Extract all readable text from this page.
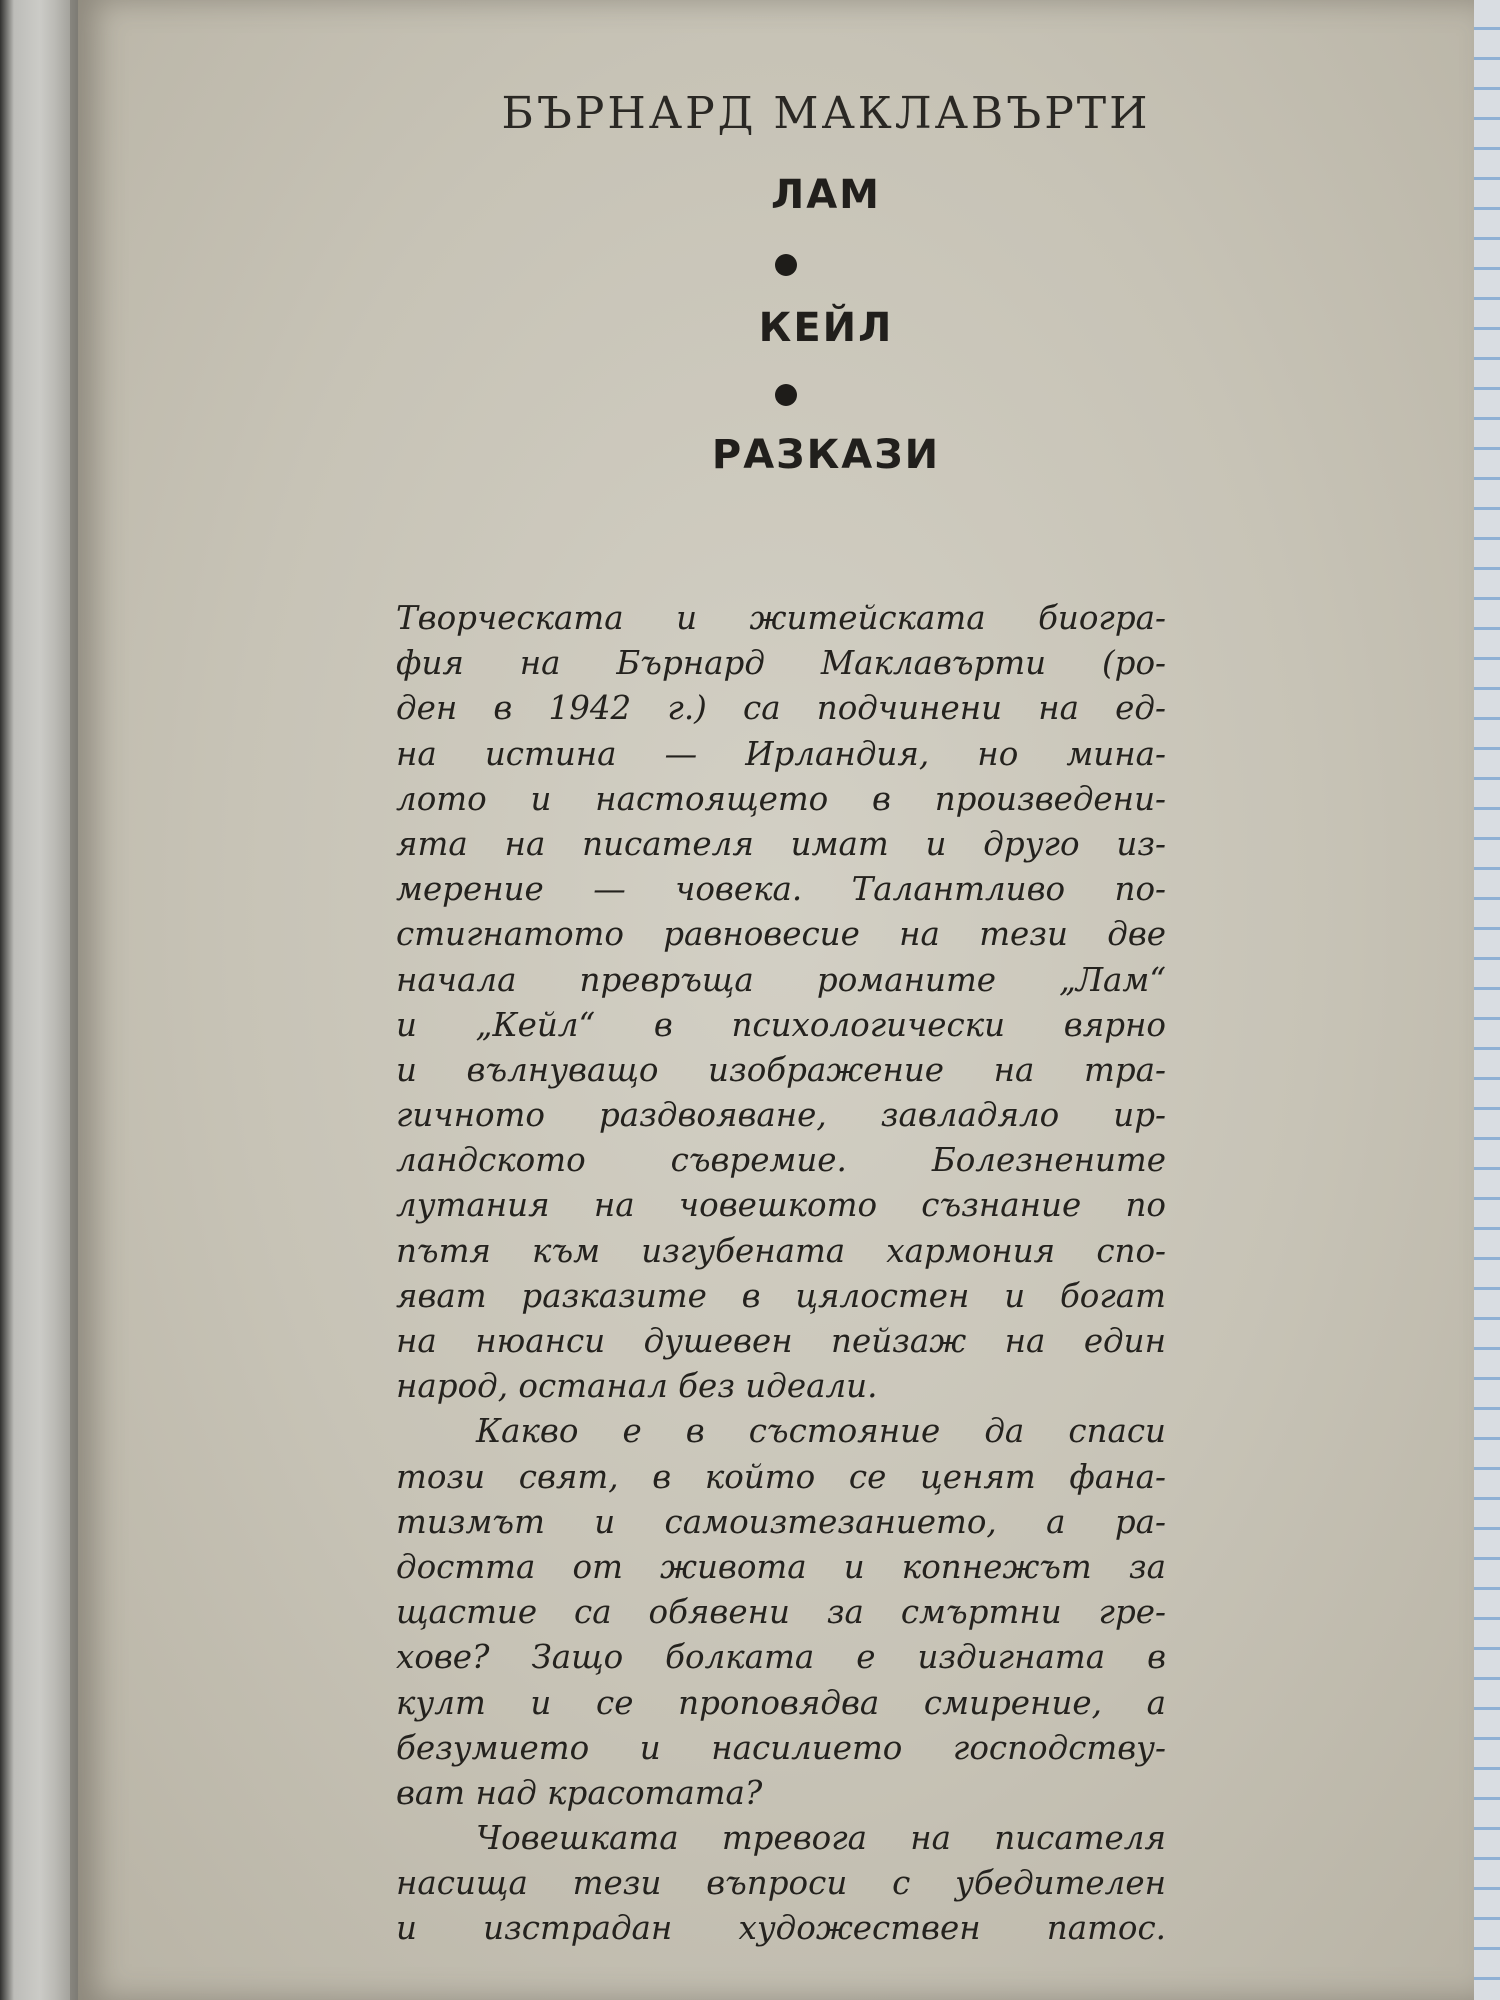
БЪРНАРД МАКЛАВЪРТИ
ЛАМ
КЕЙЛ
РАЗКАЗИ
Творческата и житейската биогра-
фия на Бърнард Маклавърти (ро-
ден в 1942 г.) са подчинени на ед-
на истина — Ирландия, но мина-
лото и настоящето в произведени-
ята на писателя имат и друго из-
мерение — човека. Талантливо по-
стигнатото равновесие на тези две
начала превръща романите „Лам“
и „Кейл“ в психологически вярно
и вълнуващо изображение на тра-
гичното раздвояване, завладяло ир-
ландското съвремие. Болезнените
лутания на човешкото съзнание по
пътя към изгубената хармония спо-
яват разказите в цялостен и богат
на нюанси душевен пейзаж на един
народ, останал без идеали.
Какво е в състояние да спаси
този свят, в който се ценят фана-
тизмът и самоизтезанието, а ра-
достта от живота и копнежът за
щастие са обявени за смъртни гре-
хове? Защо болката е издигната в
култ и се проповядва смирение, а
безумието и насилието господству-
ват над красотата?
Човешката тревога на писателя
насища тези въпроси с убедителен
и изстрадан художествен патос.
